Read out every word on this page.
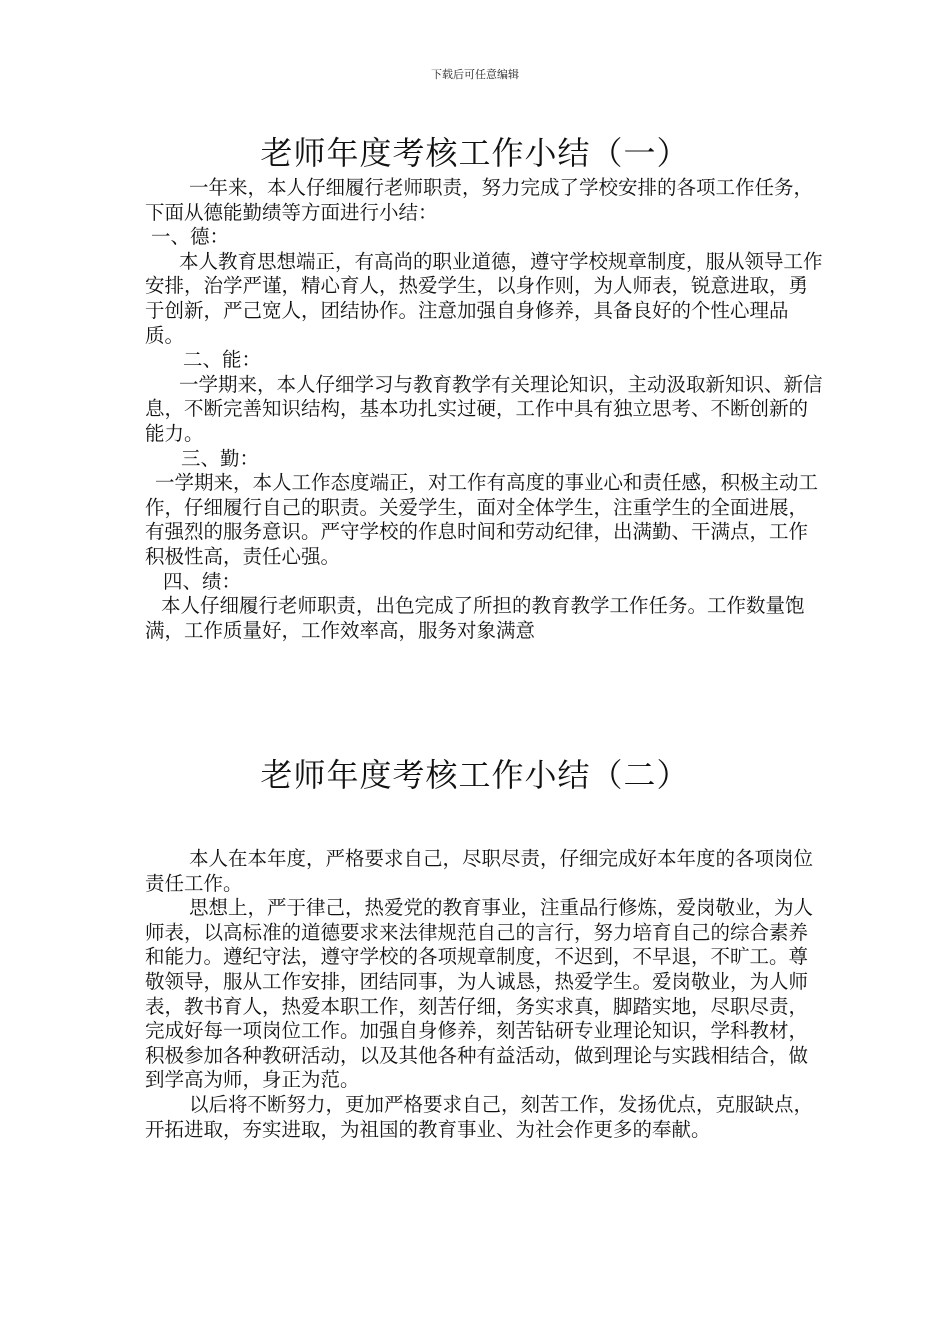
下载后可任意编辑
老师年度考核工作小结（一）

一年来，本人仔细履行老师职责，努力完成了学校安排的各项工作任务，下面从德能勤绩等方面进行小结：

一、德：

本人教育思想端正，有高尚的职业道德，遵守学校规章制度，服从领导工作安排，治学严谨，精心育人，热爱学生，以身作则，为人师表，锐意进取，勇于创新，严己宽人，团结协作。注意加强自身修养，具备良好的个性心理品质。

二、能：

一学期来，本人仔细学习与教育教学有关理论知识，主动汲取新知识、新信息，不断完善知识结构，基本功扎实过硬，工作中具有独立思考、不断创新的能力。

三、勤：

一学期来，本人工作态度端正，对工作有高度的事业心和责任感，积极主动工作，仔细履行自己的职责。关爱学生，面对全体学生，注重学生的全面进展，有强烈的服务意识。严守学校的作息时间和劳动纪律，出满勤、干满点，工作积极性高，责任心强。

四、绩：

本人仔细履行老师职责，出色完成了所担的教育教学工作任务。工作数量饱满，工作质量好，工作效率高，服务对象满意

老师年度考核工作小结（二）

本人在本年度，严格要求自己，尽职尽责，仔细完成好本年度的各项岗位责任工作。

思想上，严于律己，热爱党的教育事业，注重品行修炼，爱岗敬业，为人师表，以高标准的道德要求来法律规范自己的言行，努力培育自己的综合素养和能力。遵纪守法，遵守学校的各项规章制度，不迟到，不早退，不旷工。尊敬领导，服从工作安排，团结同事，为人诚恳，热爱学生。爱岗敬业，为人师表，教书育人，热爱本职工作，刻苦仔细，务实求真，脚踏实地，尽职尽责，完成好每一项岗位工作。加强自身修养，刻苦钻研专业理论知识，学科教材，积极参加各种教研活动，以及其他各种有益活动，做到理论与实践相结合，做到学高为师，身正为范。

以后将不断努力，更加严格要求自己，刻苦工作，发扬优点，克服缺点，开拓进取，夯实进取，为祖国的教育事业、为社会作更多的奉献。
